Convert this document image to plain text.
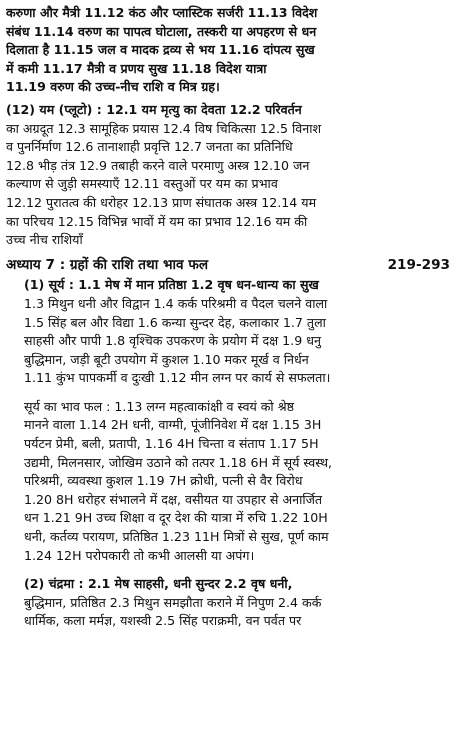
करुणा और मैत्री 11.12 कंठ और प्लास्टिक सर्जरी 11.13 विदेश
संबंध 11.14 वरुण का पापत्व घोटाला, तस्करी या अपहरण से धन
दिलाता है 11.15 जल व मादक द्रव्य से भय 11.16 दांपत्य सुख
में कमी 11.17 मैत्री व प्रणय सुख 11.18 विदेश यात्रा
11.19 वरुण की उच्च-नीच राशि व मित्र ग्रह।
(12) यम (प्लूटो) : 12.1 यम मृत्यु का देवता 12.2 परिवर्तन
का अग्रदूत 12.3 सामूहिक प्रयास 12.4 विष चिकित्सा 12.5 विनाश
व पुनर्निर्माण 12.6 तानाशाही प्रवृत्ति 12.7 जनता का प्रतिनिधि
12.8 भीड़ तंत्र 12.9 तबाही करने वाले परमाणु अस्त्र 12.10 जन
कल्याण से जुड़ी समस्याएँ 12.11 वस्तुओं पर यम का प्रभाव
12.12 पुरातत्व की धरोहर 12.13 प्राण संघातक अस्त्र 12.14 यम
का परिचय 12.15 विभिन्न भावों में यम का प्रभाव 12.16 यम की
उच्च नीच राशियाँ
अध्याय 7 : ग्रहों की राशि तथा भाव फल	219-293
(1) सूर्य : 1.1 मेष में मान प्रतिष्ठा 1.2 वृष धन-धान्य का सुख
1.3 मिथुन धनी और विद्वान 1.4 कर्क परिश्रमी व पैदल चलने वाला
1.5 सिंह बल और विद्या 1.6 कन्या सुन्दर देह, कलाकार 1.7 तुला
साहसी और पापी 1.8 वृश्चिक उपकरण के प्रयोग में दक्ष 1.9 धनु
बुद्धिमान, जड़ी बूटी उपयोग में कुशल 1.10 मकर मूर्ख व निर्धन
1.11 कुंभ पापकर्मी व दुःखी 1.12 मीन लग्न पर कार्य से सफलता।
सूर्य का भाव फल : 1.13 लग्न महत्वाकांक्षी व स्वयं को श्रेष्ठ
मानने वाला 1.14 2H धनी, वाग्मी, पूंजीनिवेश में दक्ष 1.15 3H
पर्यटन प्रेमी, बली, प्रतापी, 1.16 4H चिन्ता व संताप 1.17 5H
उद्यमी, मिलनसार, जोखिम उठाने को तत्पर 1.18 6H में सूर्य स्वस्थ,
परिश्रमी, व्यवस्था कुशल 1.19 7H क्रोधी, पत्नी से वैर विरोध
1.20 8H धरोहर संभालने में दक्ष, वसीयत या उपहार से अनार्जित
धन 1.21 9H उच्च शिक्षा व दूर देश की यात्रा में रुचि 1.22 10H
धनी, कर्तव्य परायण, प्रतिष्ठित 1.23 11H मित्रों से सुख, पूर्ण काम
1.24 12H परोपकारी तो कभी आलसी या अपंग।
(2) चंद्रमा : 2.1 मेष साहसी, धनी सुन्दर 2.2 वृष धनी,
बुद्धिमान, प्रतिष्ठित 2.3 मिथुन समझौता कराने में निपुण 2.4 कर्क
धार्मिक, कला मर्मज्ञ, यशस्वी 2.5 सिंह पराक्रमी, वन पर्वत पर
